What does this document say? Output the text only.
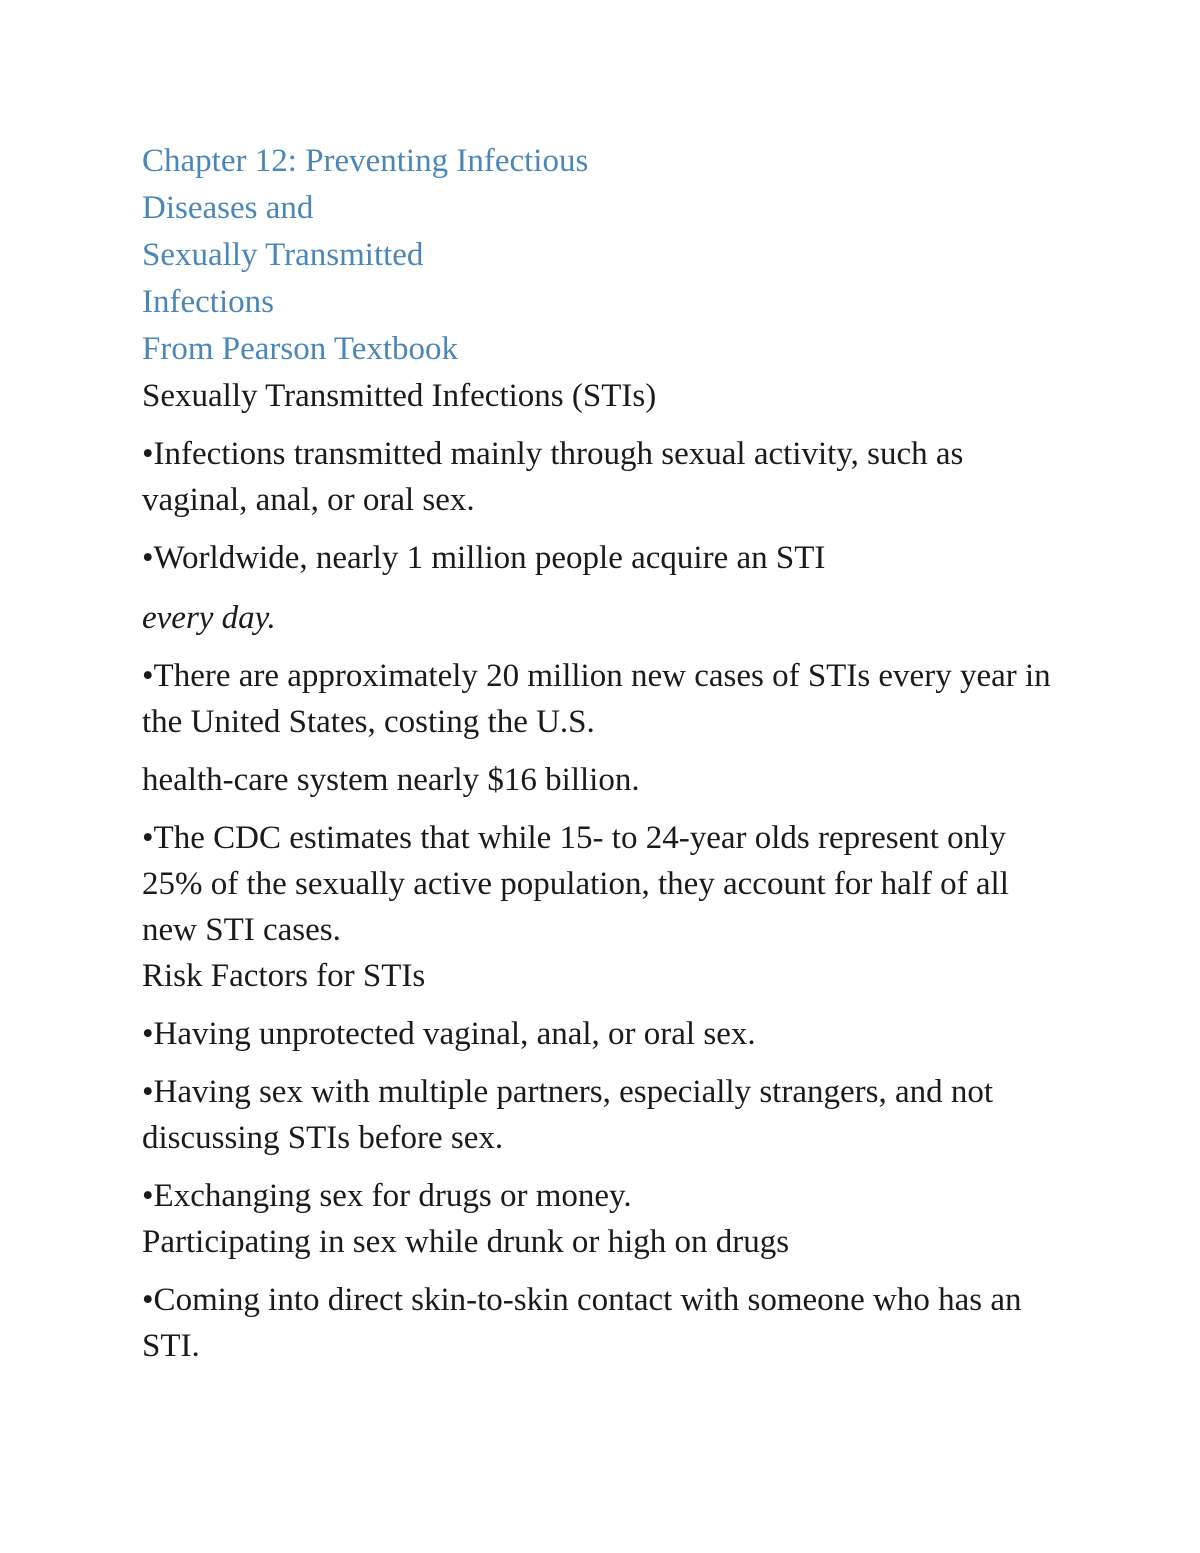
Chapter 12: Preventing Infectious
Diseases and
Sexually Transmitted
Infections
From Pearson Textbook
Sexually Transmitted Infections (STIs)
•Infections transmitted mainly through sexual activity, such as vaginal, anal, or oral sex.
•Worldwide, nearly 1 million people acquire an STI
every day.
•There are approximately 20 million new cases of STIs every year in the United States, costing the U.S.
health-care system nearly $16 billion.
•The CDC estimates that while 15- to 24-year olds represent only 25% of the sexually active population, they account for half of all new STI cases.
Risk Factors for STIs
•Having unprotected vaginal, anal, or oral sex.
•Having sex with multiple partners, especially strangers, and not discussing STIs before sex.
•Exchanging sex for drugs or money.
Participating in sex while drunk or high on drugs
•Coming into direct skin-to-skin contact with someone who has an STI.
